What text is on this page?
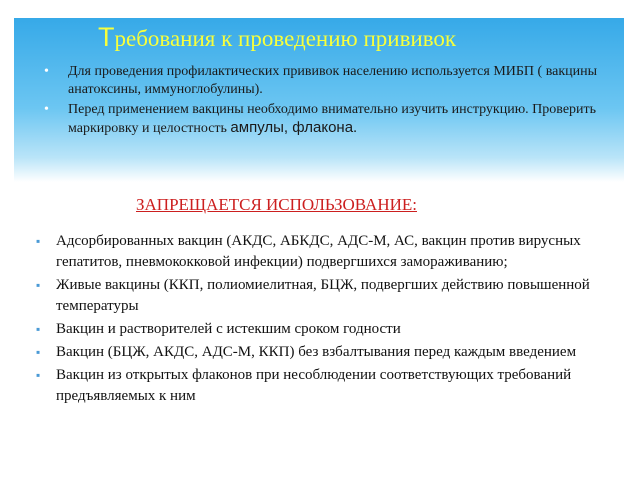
Требования к проведению прививок
• Для проведения профилактических прививок населению используется МИБП ( вакцины анатоксины, иммуноглобулины).
• Перед применением вакцины необходимо внимательно изучить инструкцию. Проверить маркировку и целостность ампулы, флакона.
ЗАПРЕЩАЕТСЯ ИСПОЛЬЗОВАНИЕ:
▪ Адсорбированных вакцин (АКДС, АБКДС, АДС-М, АС, вакцин против вирусных гепатитов, пневмококковой инфекции) подвергшихся замораживанию;
▪ Живые вакцины (ККП, полиомиелитная, БЦЖ, подвергших действию повышенной температуры
▪ Вакцин и растворителей с истекшим сроком годности
▪ Вакцин (БЦЖ, АКДС, АДС-М, ККП) без взбалтывания перед каждым введением
▪ Вакцин из открытых флаконов при несоблюдении соответствующих требований предъявляемых к ним
